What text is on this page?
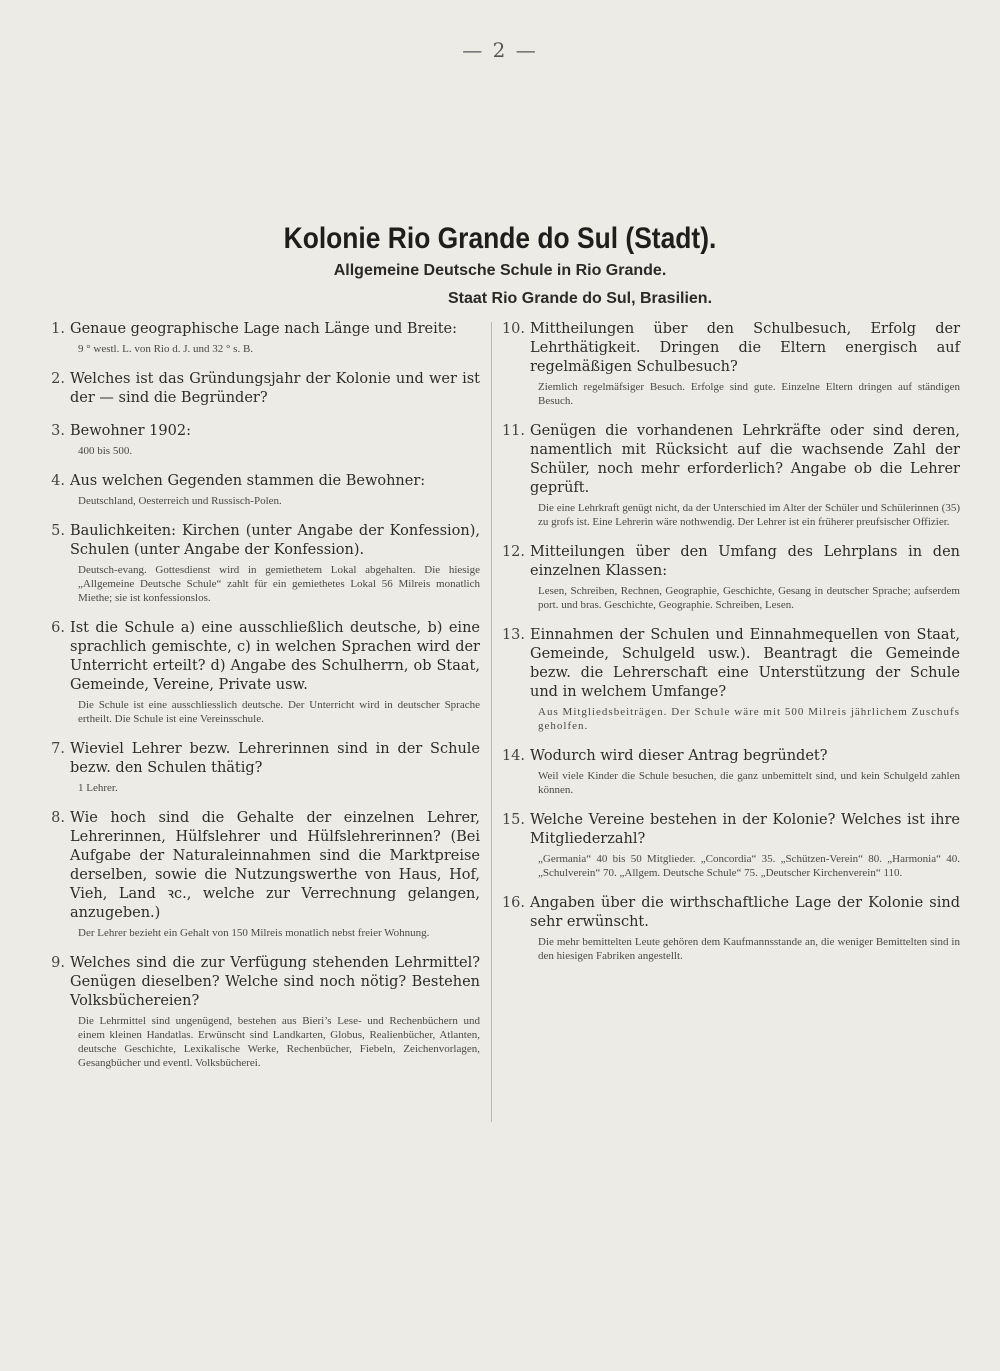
— 2 —
Kolonie Rio Grande do Sul (Stadt).
Allgemeine Deutsche Schule in Rio Grande.
Staat Rio Grande do Sul, Brasilien.
1. Genaue geographische Lage nach Länge und Breite:
9 ° westl. L. von Rio d. J. und 32 ° s. B.
2. Welches ist das Gründungsjahr der Kolonie und wer ist der — sind die Begründer?
3. Bewohner 1902:
400 bis 500.
4. Aus welchen Gegenden stammen die Bewohner:
Deutschland, Oesterreich und Russisch-Polen.
5. Baulichkeiten: Kirchen (unter Angabe der Konfession), Schulen (unter Angabe der Konfession).
Deutsch-evang. Gottesdienst wird in gemiethetem Lokal abgehalten. Die hiesige „Allgemeine Deutsche Schule“ zahlt für ein gemiethetes Lokal 56 Milreis monatlich Miethe; sie ist konfessionslos.
6. Ist die Schule a) eine ausschließlich deutsche, b) eine sprachlich gemischte, c) in welchen Sprachen wird der Unterricht erteilt? d) Angabe des Schulherrn, ob Staat, Gemeinde, Vereine, Private usw.
Die Schule ist eine ausschliesslich deutsche. Der Unterricht wird in deutscher Sprache ertheilt. Die Schule ist eine Vereinsschule.
7. Wieviel Lehrer bezw. Lehrerinnen sind in der Schule bezw. den Schulen thätig?
1 Lehrer.
8. Wie hoch sind die Gehalte der einzelnen Lehrer, Lehrerinnen, Hülfslehrer und Hülfslehrerinnen? (Bei Aufgabe der Naturaleinnahmen sind die Marktpreise derselben, sowie die Nutzungswerthe von Haus, Hof, Vieh, Land ꝛc., welche zur Verrechnung gelangen, anzugeben.)
Der Lehrer bezieht ein Gehalt von 150 Milreis monatlich nebst freier Wohnung.
9. Welches sind die zur Verfügung stehenden Lehrmittel? Genügen dieselben? Welche sind noch nötig? Bestehen Volksbüchereien?
Die Lehrmittel sind ungenügend, bestehen aus Bieri’s Lese- und Rechenbüchern und einem kleinen Handatlas. Erwünscht sind Landkarten, Globus, Realienbücher, Atlanten, deutsche Geschichte, Lexikalische Werke, Rechenbücher, Fiebeln, Zeichenvorlagen, Gesangbücher und eventl. Volksbücherei.
10. Mittheilungen über den Schulbesuch, Erfolg der Lehrthätigkeit. Dringen die Eltern energisch auf regelmäßigen Schulbesuch?
Ziemlich regelmäfsiger Besuch. Erfolge sind gute. Einzelne Eltern dringen auf ständigen Besuch.
11. Genügen die vorhandenen Lehrkräfte oder sind deren, namentlich mit Rücksicht auf die wachsende Zahl der Schüler, noch mehr erforderlich? Angabe ob die Lehrer geprüft.
Die eine Lehrkraft genügt nicht, da der Unterschied im Alter der Schüler und Schülerinnen (35) zu grofs ist. Eine Lehrerin wäre nothwendig. Der Lehrer ist ein früherer preufsischer Offizier.
12. Mitteilungen über den Umfang des Lehrplans in den einzelnen Klassen:
Lesen, Schreiben, Rechnen, Geographie, Geschichte, Gesang in deutscher Sprache; aufserdem port. und bras. Geschichte, Geographie. Schreiben, Lesen.
13. Einnahmen der Schulen und Einnahmequellen von Staat, Gemeinde, Schulgeld usw.). Beantragt die Gemeinde bezw. die Lehrerschaft eine Unterstützung der Schule und in welchem Umfange?
Aus Mitgliedsbeiträgen. Der Schule wäre mit 500 Milreis jährlichem Zuschufs geholfen.
14. Wodurch wird dieser Antrag begründet?
Weil viele Kinder die Schule besuchen, die ganz unbemittelt sind, und kein Schulgeld zahlen können.
15. Welche Vereine bestehen in der Kolonie? Welches ist ihre Mitgliederzahl?
„Germania“ 40 bis 50 Mitglieder. „Concordia“ 35. „Schützen-Verein“ 80. „Harmonia“ 40. „Schulverein“ 70. „Allgem. Deutsche Schule“ 75. „Deutscher Kirchenverein“ 110.
16. Angaben über die wirthschaftliche Lage der Kolonie sind sehr erwünscht.
Die mehr bemittelten Leute gehören dem Kaufmannsstande an, die weniger Bemittelten sind in den hiesigen Fabriken angestellt.
